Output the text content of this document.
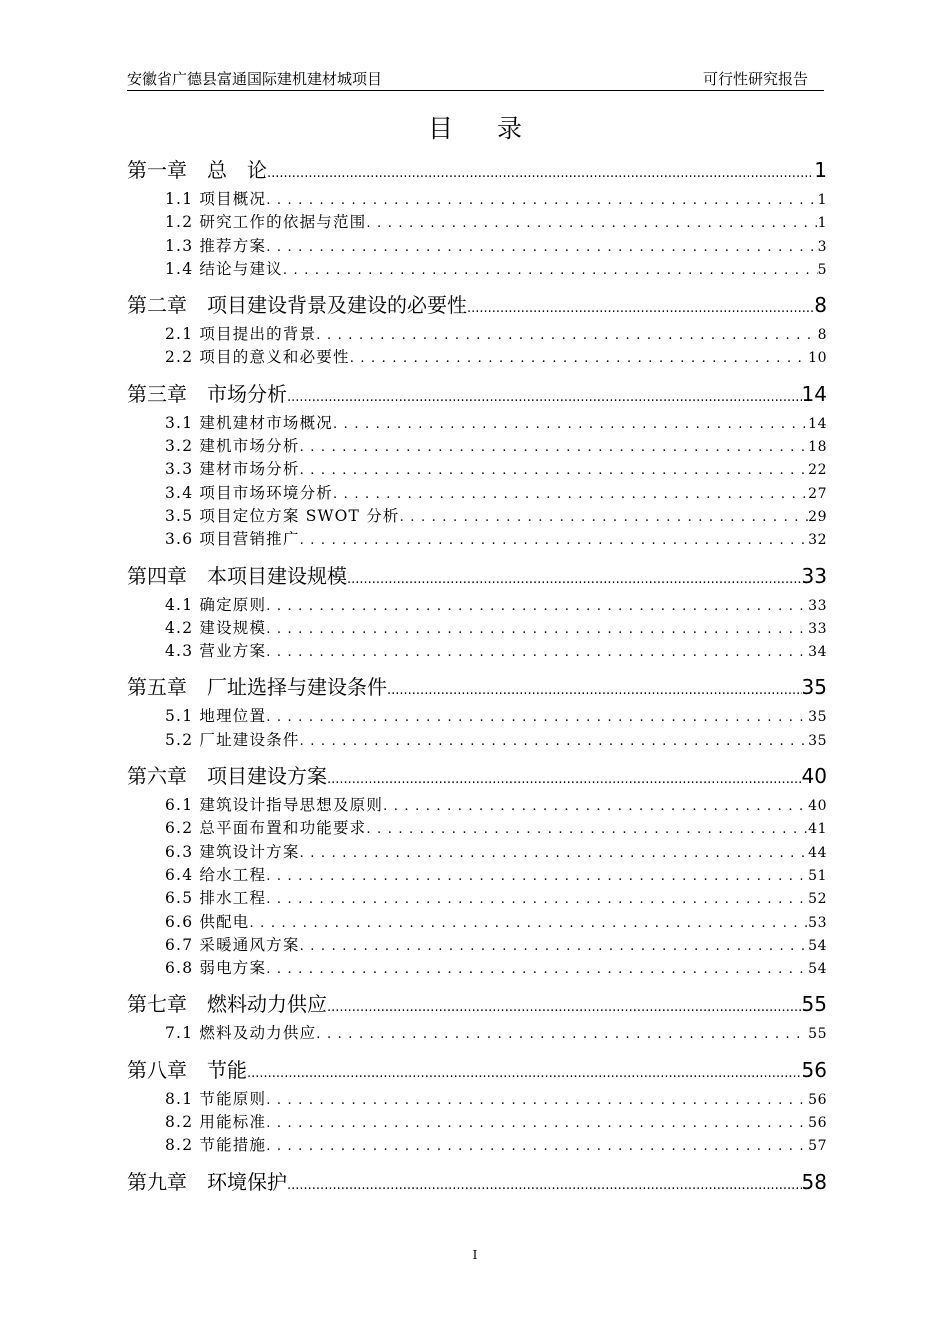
安徽省广德县富通国际建机建材城项目	可行性研究报告
目录
第一章　总　论 .....	1
1.1 项目概况 . . .	1
1.2 研究工作的依据与范围 . . .	1
1.3 推荐方案 . . .	3
1.4 结论与建议 . . .	5
第二章　项目建设背景及建设的必要性 .....	8
2.1 项目提出的背景 . . .	8
2.2 项目的意义和必要性 . . .	10
第三章　市场分析 .....	14
3.1 建机建材市场概况 . . .	14
3.2 建机市场分析 . . .	18
3.3 建材市场分析 . . .	22
3.4 项目市场环境分析 . . .	27
3.5 项目定位方案 SWOT 分析 . . .	29
3.6 项目营销推广 . . .	32
第四章　本项目建设规模 .....	33
4.1 确定原则 . . .	33
4.2 建设规模 . . .	33
4.3 营业方案 . . .	34
第五章　厂址选择与建设条件 .....	35
5.1 地理位置 . . .	35
5.2 厂址建设条件 . . .	35
第六章　项目建设方案 .....	40
6.1 建筑设计指导思想及原则 . . .	40
6.2 总平面布置和功能要求 . . .	41
6.3 建筑设计方案 . . .	44
6.4 给水工程 . . .	51
6.5 排水工程 . . .	52
6.6 供配电 . . .	53
6.7 采暖通风方案 . . .	54
6.8 弱电方案 . . .	54
第七章　燃料动力供应 .....	55
7.1 燃料及动力供应 . . .	55
第八章　节能 .....	56
8.1 节能原则 . . .	56
8.2 用能标准 . . .	56
8.2 节能措施 . . .	57
第九章　环境保护 .....	58
I
